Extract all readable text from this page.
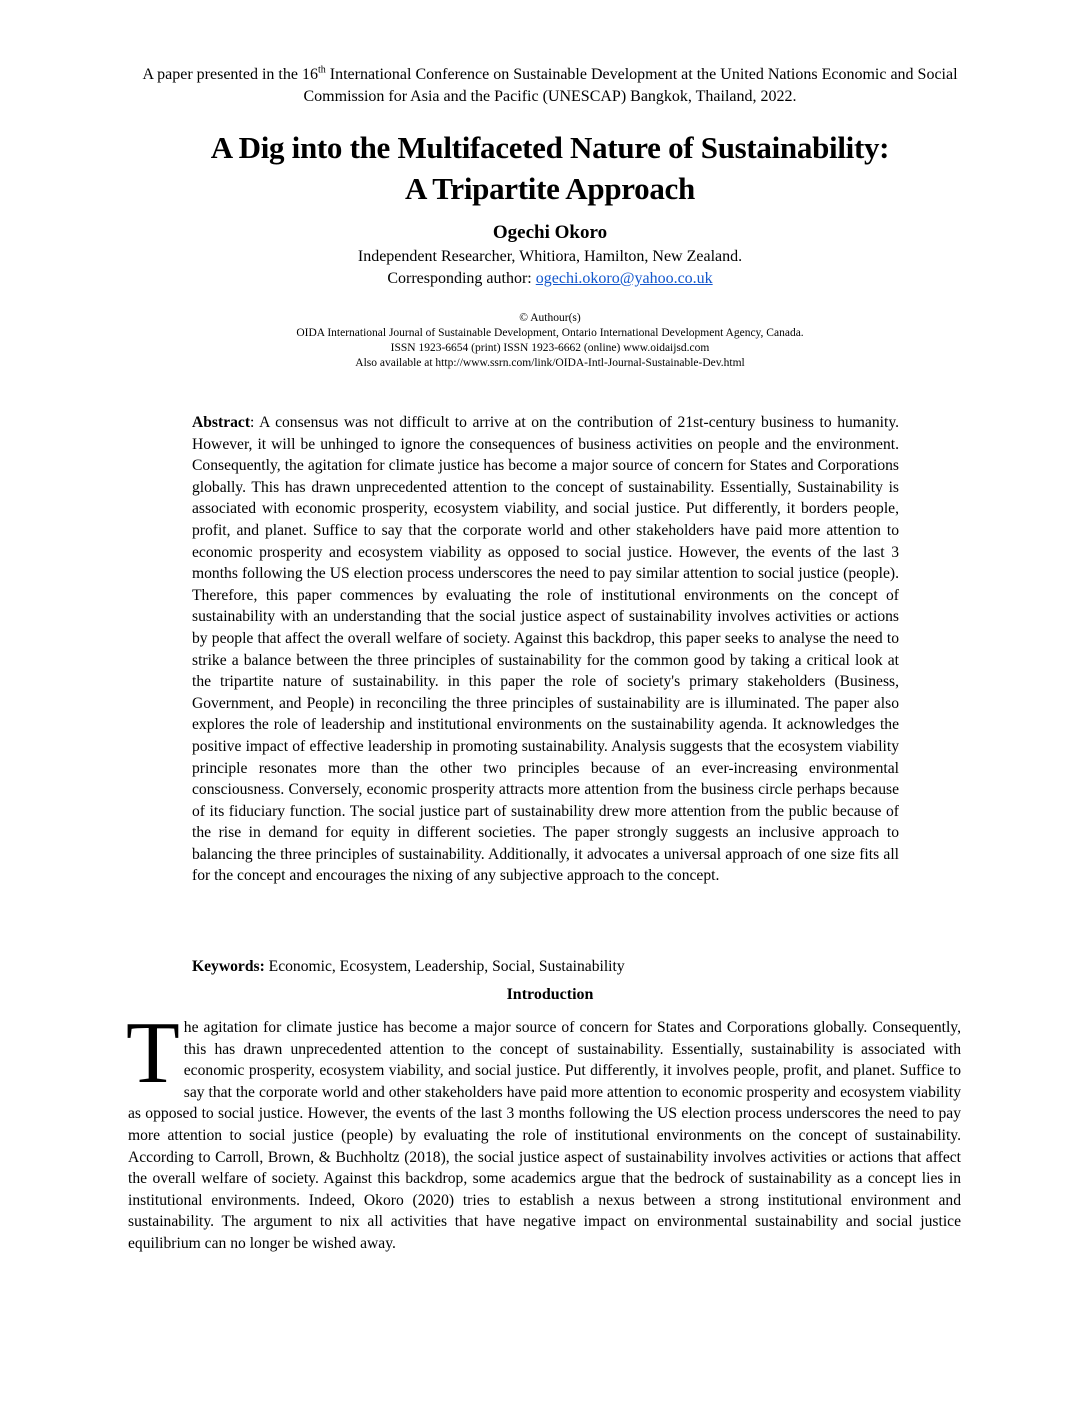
A paper presented in the 16th International Conference on Sustainable Development at the United Nations Economic and Social Commission for Asia and the Pacific (UNESCAP) Bangkok, Thailand, 2022.
A Dig into the Multifaceted Nature of Sustainability:
A Tripartite Approach
Ogechi Okoro
Independent Researcher, Whitiora, Hamilton, New Zealand.
Corresponding author: ogechi.okoro@yahoo.co.uk
© Authour(s)
OIDA International Journal of Sustainable Development, Ontario International Development Agency, Canada.
ISSN 1923-6654 (print) ISSN 1923-6662 (online) www.oidaijsd.com
Also available at http://www.ssrn.com/link/OIDA-Intl-Journal-Sustainable-Dev.html

Abstract: A consensus was not difficult to arrive at on the contribution of 21st-century business to humanity. However, it will be unhinged to ignore the consequences of business activities on people and the environment. Consequently, the agitation for climate justice has become a major source of concern for States and Corporations globally. This has drawn unprecedented attention to the concept of sustainability. Essentially, Sustainability is associated with economic prosperity, ecosystem viability, and social justice. Put differently, it borders people, profit, and planet. Suffice to say that the corporate world and other stakeholders have paid more attention to economic prosperity and ecosystem viability as opposed to social justice. However, the events of the last 3 months following the US election process underscores the need to pay similar attention to social justice (people). Therefore, this paper commences by evaluating the role of institutional environments on the concept of sustainability with an understanding that the social justice aspect of sustainability involves activities or actions by people that affect the overall welfare of society. Against this backdrop, this paper seeks to analyse the need to strike a balance between the three principles of sustainability for the common good by taking a critical look at the tripartite nature of sustainability. in this paper the role of society's primary stakeholders (Business, Government, and People) in reconciling the three principles of sustainability are is illuminated. The paper also explores the role of leadership and institutional environments on the sustainability agenda. It acknowledges the positive impact of effective leadership in promoting sustainability. Analysis suggests that the ecosystem viability principle resonates more than the other two principles because of an ever-increasing environmental consciousness. Conversely, economic prosperity attracts more attention from the business circle perhaps because of its fiduciary function. The social justice part of sustainability drew more attention from the public because of the rise in demand for equity in different societies. The paper strongly suggests an inclusive approach to balancing the three principles of sustainability. Additionally, it advocates a universal approach of one size fits all for the concept and encourages the nixing of any subjective approach to the concept.

Keywords: Economic, Ecosystem, Leadership, Social, Sustainability

Introduction

The agitation for climate justice has become a major source of concern for States and Corporations globally. Consequently, this has drawn unprecedented attention to the concept of sustainability. Essentially, sustainability is associated with economic prosperity, ecosystem viability, and social justice. Put differently, it involves people, profit, and planet. Suffice to say that the corporate world and other stakeholders have paid more attention to economic prosperity and ecosystem viability as opposed to social justice. However, the events of the last 3 months following the US election process underscores the need to pay more attention to social justice (people) by evaluating the role of institutional environments on the concept of sustainability. According to Carroll, Brown, & Buchholtz (2018), the social justice aspect of sustainability involves activities or actions that affect the overall welfare of society. Against this backdrop, some academics argue that the bedrock of sustainability as a concept lies in institutional environments. Indeed, Okoro (2020) tries to establish a nexus between a strong institutional environment and sustainability. The argument to nix all activities that have negative impact on environmental sustainability and social justice equilibrium can no longer be wished away.
